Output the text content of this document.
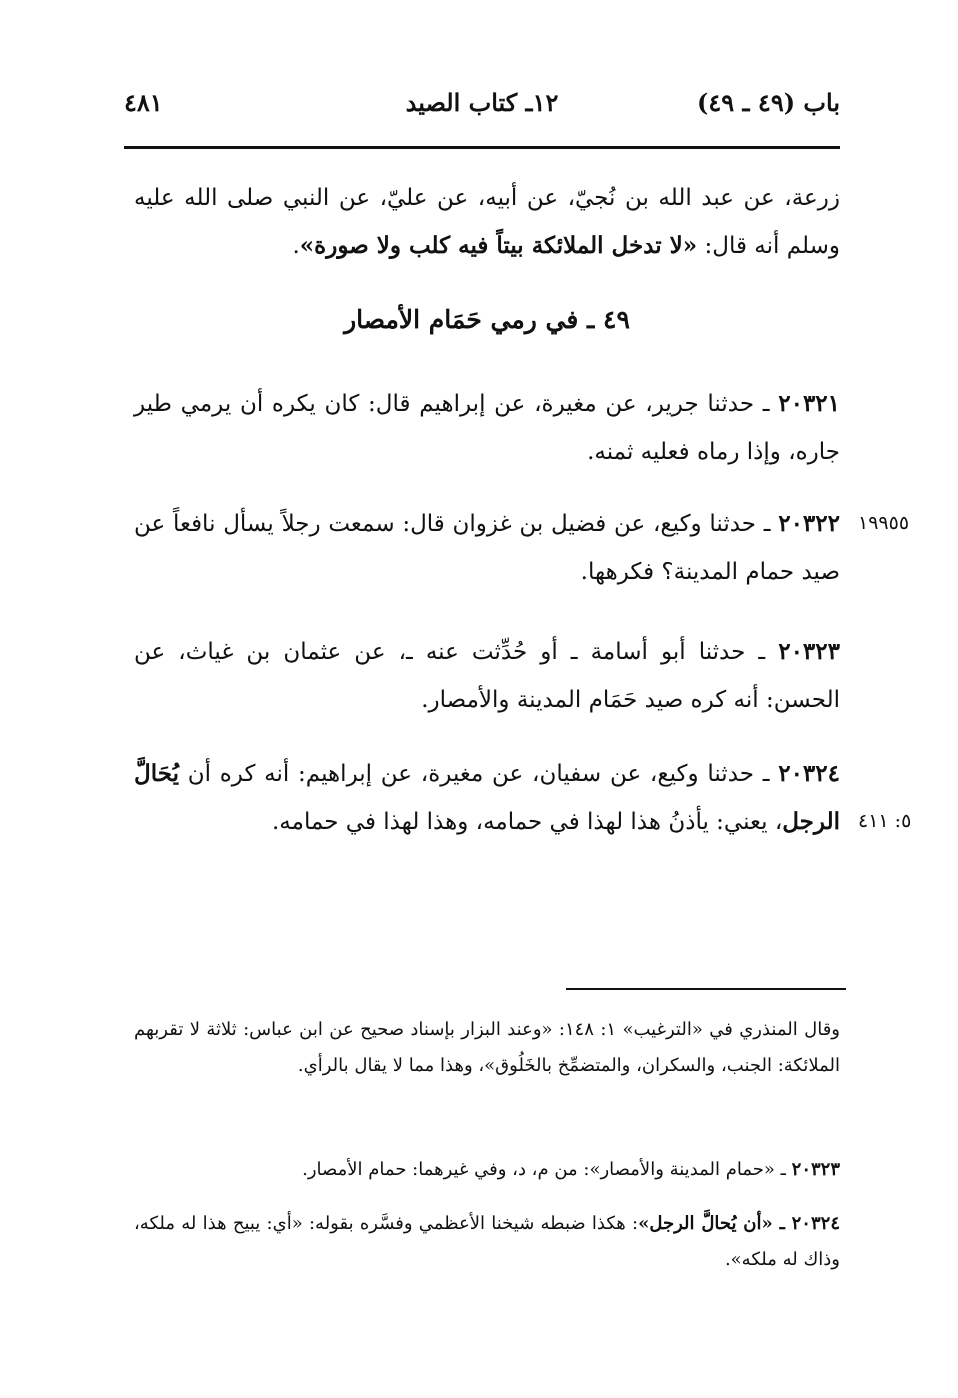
باب (٤٩ ـ ٤٩)
١٢ـ كتاب الصيد
٤٨١
زرعة، عن عبد الله بن نُجيّ، عن أبيه، عن عليّ، عن النبي صلى الله عليه وسلم أنه قال: «لا تدخل الملائكة بيتاً فيه كلب ولا صورة».
٤٩ ـ في رمي حَمَام الأمصار
٢٠٣٢١ ـ حدثنا جرير، عن مغيرة، عن إبراهيم قال: كان يكره أن يرمي طير جاره، وإذا رماه فعليه ثمنه.
٢٠٣٢٢ ـ حدثنا وكيع، عن فضيل بن غزوان قال: سمعت رجلاً يسأل نافعاً عن صيد حمام المدينة؟ فكرهها.
١٩٩٥٥
٢٠٣٢٣ ـ حدثنا أبو أسامة ـ أو حُدِّثت عنه ـ، عن عثمان بن غياث، عن الحسن: أنه كره صيد حَمَام المدينة والأمصار.
٢٠٣٢٤ ـ حدثنا وكيع، عن سفيان، عن مغيرة، عن إبراهيم: أنه كره أن يُحَالَّ الرجل، يعني: يأذنُ هذا لهذا في حمامه، وهذا لهذا في حمامه.	٥: ٤١١
وقال المنذري في «الترغيب» ١: ١٤٨: «وعند البزار بإسناد صحيح عن ابن عباس: ثلاثة لا تقربهم الملائكة: الجنب، والسكران، والمتضمِّخ بالخَلُوق»، وهذا مما لا يقال بالرأي.
٢٠٣٢٣ ـ «حمام المدينة والأمصار»: من م، د، وفي غيرهما: حمام الأمصار.
٢٠٣٢٤ ـ «أن يُحالَّ الرجل»: هكذا ضبطه شيخنا الأعظمي وفسَّره بقوله: «أي: يبيح هذا له ملكه، وذاك له ملكه».
